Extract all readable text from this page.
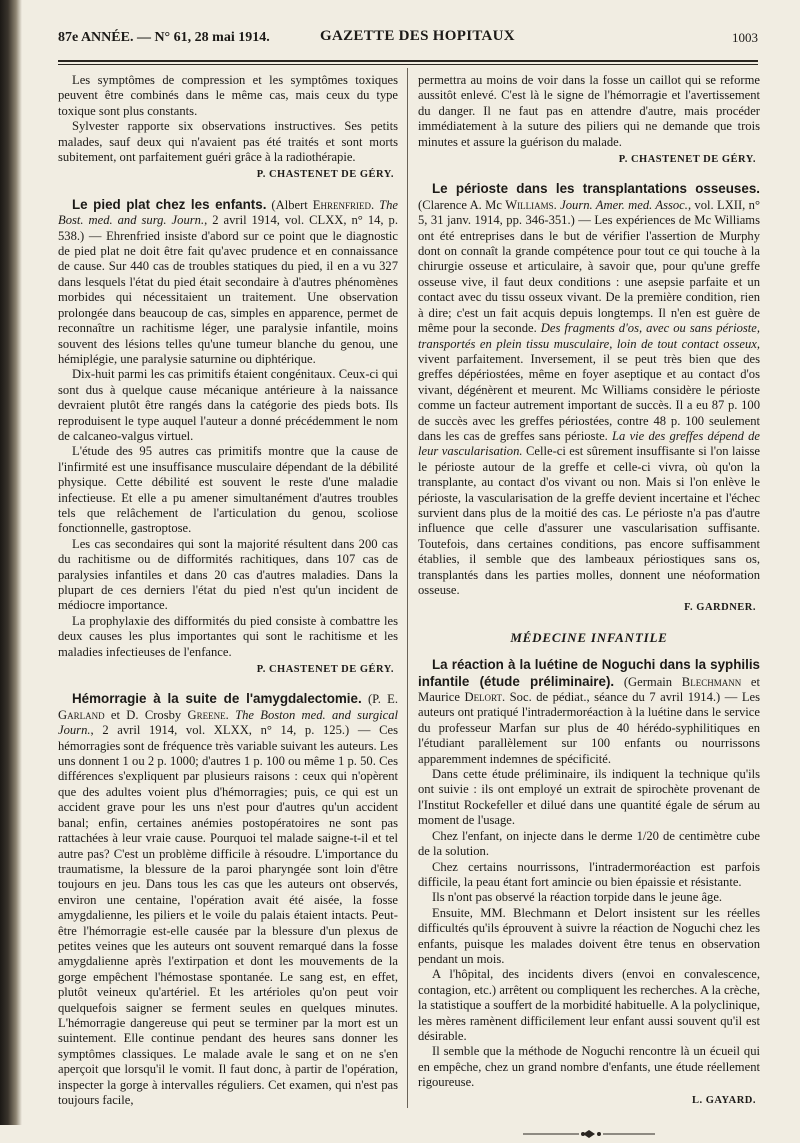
87e ANNÉE. — N° 61, 28 mai 1914.	GAZETTE DES HOPITAUX	1003

Les symptômes de compression et les symptômes toxiques peuvent être combinés dans le même cas, mais ceux du type toxique sont plus constants.

Sylvester rapporte six observations instructives. Ses petits malades, sauf deux qui n'avaient pas été traités et sont morts subitement, ont parfaitement guéri grâce à la radiothérapie.

P. CHASTENET DE GÉRY.

Le pied plat chez les enfants. (Albert Ehrenfried. The Bost. med. and surg. Journ., 2 avril 1914, vol. CLXX, n° 14, p. 538.) — Ehrenfried insiste d'abord sur ce point que le diagnostic de pied plat ne doit être fait qu'avec prudence et en connaissance de cause. Sur 440 cas de troubles statiques du pied, il en a vu 327 dans lesquels l'état du pied était secondaire à d'autres phénomènes morbides qui nécessitaient un traitement. Une observation prolongée dans beaucoup de cas, simples en apparence, permet de reconnaître un rachitisme léger, une paralysie infantile, moins souvent des lésions telles qu'une tumeur blanche du genou, une hémiplégie, une paralysie saturnine ou diphtérique.

Dix-huit parmi les cas primitifs étaient congénitaux. Ceux-ci qui sont dus à quelque cause mécanique antérieure à la naissance devraient plutôt être rangés dans la catégorie des pieds bots. Ils reproduisent le type auquel l'auteur a donné précédemment le nom de calcaneo-valgus virtuel.

L'étude des 95 autres cas primitifs montre que la cause de l'infirmité est une insuffisance musculaire dépendant de la débilité physique. Cette débilité est souvent le reste d'une maladie infectieuse. Et elle a pu amener simultanément d'autres troubles tels que relâchement de l'articulation du genou, scoliose fonctionnelle, gastroptose.

Les cas secondaires qui sont la majorité résultent dans 200 cas du rachitisme ou de difformités rachitiques, dans 107 cas de paralysies infantiles et dans 20 cas d'autres maladies. Dans la plupart de ces derniers l'état du pied n'est qu'un incident de médiocre importance.

La prophylaxie des difformités du pied consiste à combattre les deux causes les plus importantes qui sont le rachitisme et les maladies infectieuses de l'enfance.

P. CHASTENET DE GÉRY.

Hémorragie à la suite de l'amygdalectomie. (P. E. Garland et D. Crosby Greene. The Boston med. and surgical Journ., 2 avril 1914, vol. XLXX, n° 14, p. 125.) — Ces hémorragies sont de fréquence très variable suivant les auteurs. Les uns donnent 1 ou 2 p. 1000; d'autres 1 p. 100 ou même 1 p. 50. Ces différences s'expliquent par plusieurs raisons : ceux qui n'opèrent que des adultes voient plus d'hémorragies; puis, ce qui est un accident grave pour les uns n'est pour d'autres qu'un accident banal; enfin, certaines anémies postopératoires ne sont pas rattachées à leur vraie cause. Pourquoi tel malade saigne-t-il et tel autre pas? C'est un problème difficile à résoudre. L'importance du traumatisme, la blessure de la paroi pharyngée sont loin d'être toujours en jeu. Dans tous les cas que les auteurs ont observés, environ une centaine, l'opération avait été aisée, la fosse amygdalienne, les piliers et le voile du palais étaient intacts. Peut-être l'hémorragie est-elle causée par la blessure d'un plexus de petites veines que les auteurs ont souvent remarqué dans la fosse amygdalienne après l'extirpation et dont les mouvements de la gorge empêchent l'hémostase spontanée. Le sang est, en effet, plutôt veineux qu'artériel. Et les artérioles qu'on peut voir quelquefois saigner se ferment seules en quelques minutes. L'hémorragie dangereuse qui peut se terminer par la mort est un suintement. Elle continue pendant des heures sans donner les symptômes classiques. Le malade avale le sang et on ne s'en aperçoit que lorsqu'il le vomit. Il faut donc, à partir de l'opération, inspecter la gorge à intervalles réguliers. Cet examen, qui n'est pas toujours facile,

permettra au moins de voir dans la fosse un caillot qui se reforme aussitôt enlevé. C'est là le signe de l'hémorragie et l'avertissement du danger. Il ne faut pas en attendre d'autre, mais procéder immédiatement à la suture des piliers qui ne demande que trois minutes et assure la guérison du malade.

P. CHASTENET DE GÉRY.

Le périoste dans les transplantations osseuses. (Clarence A. Mc Williams. Journ. Amer. med. Assoc., vol. LXII, n° 5, 31 janv. 1914, pp. 346-351.) — Les expériences de Mc Williams ont été entreprises dans le but de vérifier l'assertion de Murphy dont on connaît la grande compétence pour tout ce qui touche à la chirurgie osseuse et articulaire, à savoir que, pour qu'une greffe osseuse vive, il faut deux conditions : une asepsie parfaite et un contact avec du tissu osseux vivant. De la première condition, rien à dire; c'est un fait acquis depuis longtemps. Il n'en est guère de même pour la seconde. Des fragments d'os, avec ou sans périoste, transportés en plein tissu musculaire, loin de tout contact osseux, vivent parfaitement. Inversement, il se peut très bien que des greffes dépériostées, même en foyer aseptique et au contact d'os vivant, dégénèrent et meurent. Mc Williams considère le périoste comme un facteur autrement important de succès. Il a eu 87 p. 100 de succès avec les greffes périostées, contre 48 p. 100 seulement dans les cas de greffes sans périoste. La vie des greffes dépend de leur vascularisation. Celle-ci est sûrement insuffisante si l'on laisse le périoste autour de la greffe et celle-ci vivra, où qu'on la transplante, au contact d'os vivant ou non. Mais si l'on enlève le périoste, la vascularisation de la greffe devient incertaine et l'échec survient dans plus de la moitié des cas. Le périoste n'a pas d'autre influence que celle d'assurer une vascularisation suffisante. Toutefois, dans certaines conditions, pas encore suffisamment établies, il semble que des lambeaux périostiques sans os, transplantés dans les parties molles, donnent une néoformation osseuse.

F. GARDNER.

MÉDECINE INFANTILE

La réaction à la luétine de Noguchi dans la syphilis infantile (étude préliminaire). (Germain Blechmann et Maurice Delort. Soc. de pédiat., séance du 7 avril 1914.) — Les auteurs ont pratiqué l'intradermoréaction à la luétine dans le service du professeur Marfan sur plus de 40 hérédo-syphilitiques en l'étudiant parallèlement sur 100 enfants ou nourrissons apparemment indemnes de spécificité.

Dans cette étude préliminaire, ils indiquent la technique qu'ils ont suivie : ils ont employé un extrait de spirochète provenant de l'Institut Rockefeller et dilué dans une quantité égale de sérum au moment de l'usage.

Chez l'enfant, on injecte dans le derme 1/20 de centimètre cube de la solution.

Chez certains nourrissons, l'intradermoréaction est parfois difficile, la peau étant fort amincie ou bien épaissie et résistante.

Ils n'ont pas observé la réaction torpide dans le jeune âge.

Ensuite, MM. Blechmann et Delort insistent sur les réelles difficultés qu'ils éprouvent à suivre la réaction de Noguchi chez les enfants, puisque les malades doivent être tenus en observation pendant un mois.

A l'hôpital, des incidents divers (envoi en convalescence, contagion, etc.) arrêtent ou compliquent les recherches. A la crèche, la statistique a souffert de la morbidité habituelle. A la polyclinique, les mères ramènent difficilement leur enfant aussi souvent qu'il est désirable.

Il semble que la méthode de Noguchi rencontre là un écueil qui en empêche, chez un grand nombre d'enfants, une étude réellement rigoureuse.

L. GAYARD.
